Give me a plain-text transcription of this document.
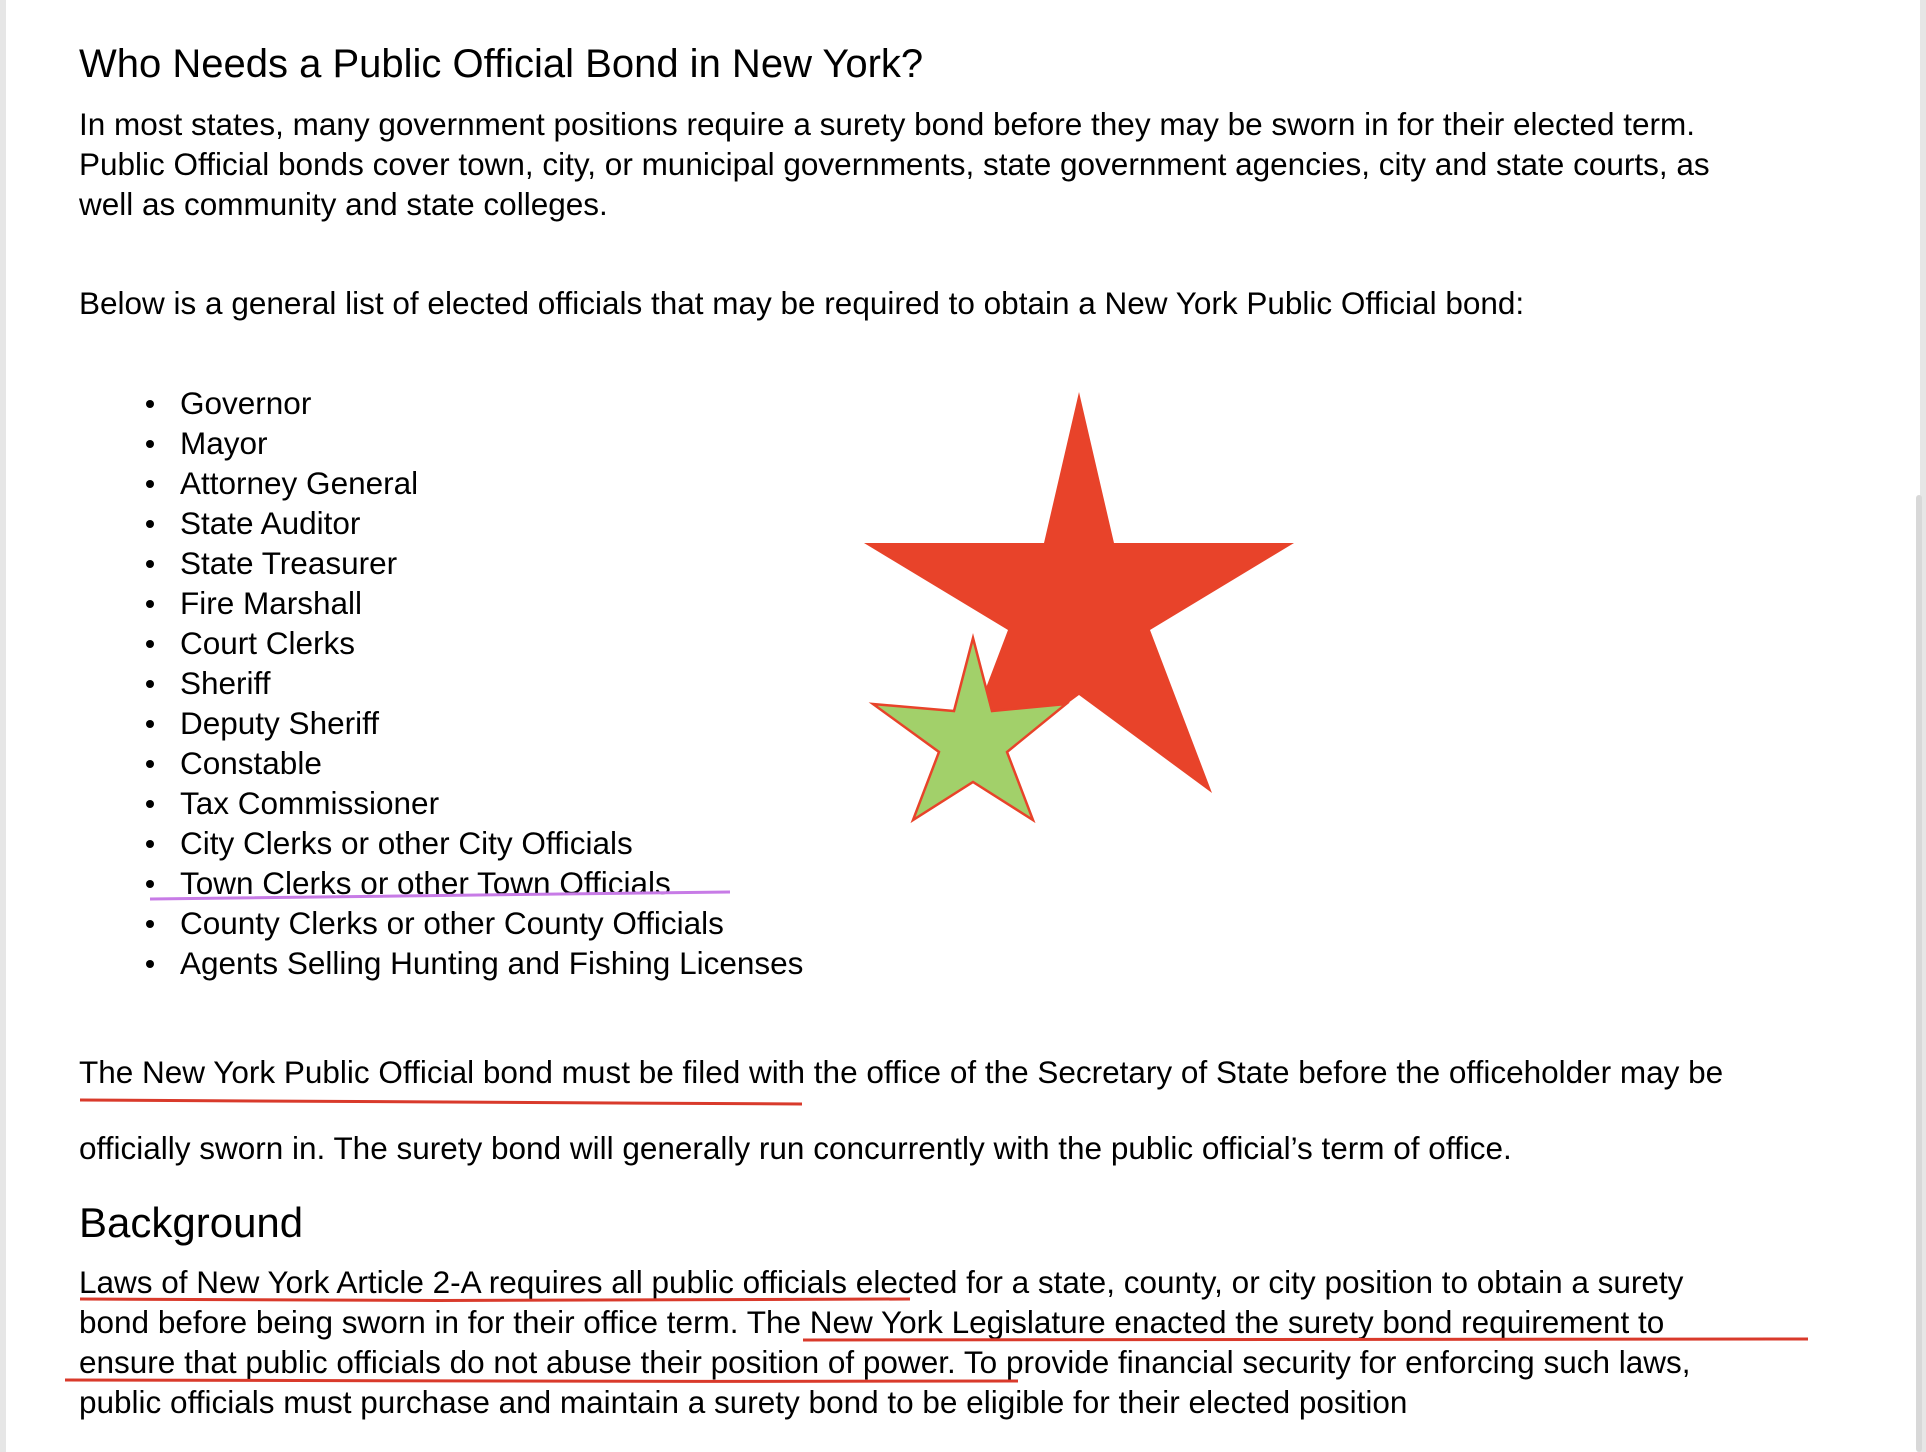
Who Needs a Public Official Bond in New York?
In most states, many government positions require a surety bond before they may be sworn in for their elected term.
Public Official bonds cover town, city, or municipal governments, state government agencies, city and state courts, as
well as community and state colleges.
Below is a general list of elected officials that may be required to obtain a New York Public Official bond:
Governor
Mayor
Attorney General
State Auditor
State Treasurer
Fire Marshall
Court Clerks
Sheriff
Deputy Sheriff
Constable
Tax Commissioner
City Clerks or other City Officials
Town Clerks or other Town Officials
County Clerks or other County Officials
Agents Selling Hunting and Fishing Licenses
The New York Public Official bond must be filed with the office of the Secretary of State before the officeholder may be
officially sworn in. The surety bond will generally run concurrently with the public official’s term of office.
Background
Laws of New York Article 2-A requires all public officials elected for a state, county, or city position to obtain a surety
bond before being sworn in for their office term. The New York Legislature enacted the surety bond requirement to
ensure that public officials do not abuse their position of power. To provide financial security for enforcing such laws,
public officials must purchase and maintain a surety bond to be eligible for their elected position
